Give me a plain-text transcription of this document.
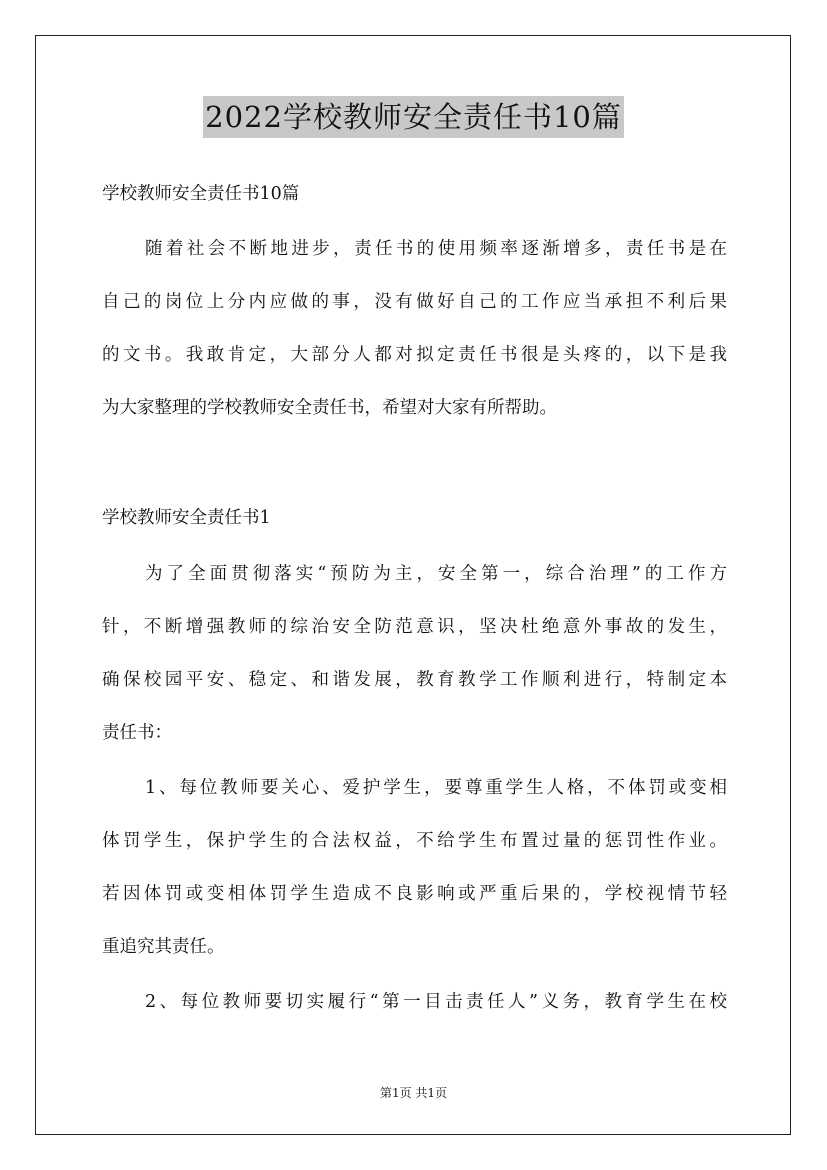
2022学校教师安全责任书10篇
学校教师安全责任书10篇
随着社会不断地进步，责任书的使用频率逐渐增多，责任书是在
自己的岗位上分内应做的事，没有做好自己的工作应当承担不利后果
的文书。我敢肯定，大部分人都对拟定责任书很是头疼的，以下是我
为大家整理的学校教师安全责任书，希望对大家有所帮助。
学校教师安全责任书1
为了全面贯彻落实“预防为主，安全第一，综合治理”的工作方
针，不断增强教师的综治安全防范意识，坚决杜绝意外事故的发生，
确保校园平安、稳定、和谐发展，教育教学工作顺利进行，特制定本
责任书：
1、每位教师要关心、爱护学生，要尊重学生人格，不体罚或变相
体罚学生，保护学生的合法权益，不给学生布置过量的惩罚性作业。
若因体罚或变相体罚学生造成不良影响或严重后果的，学校视情节轻
重追究其责任。
2、每位教师要切实履行“第一目击责任人”义务，教育学生在校
第1页 共1页
